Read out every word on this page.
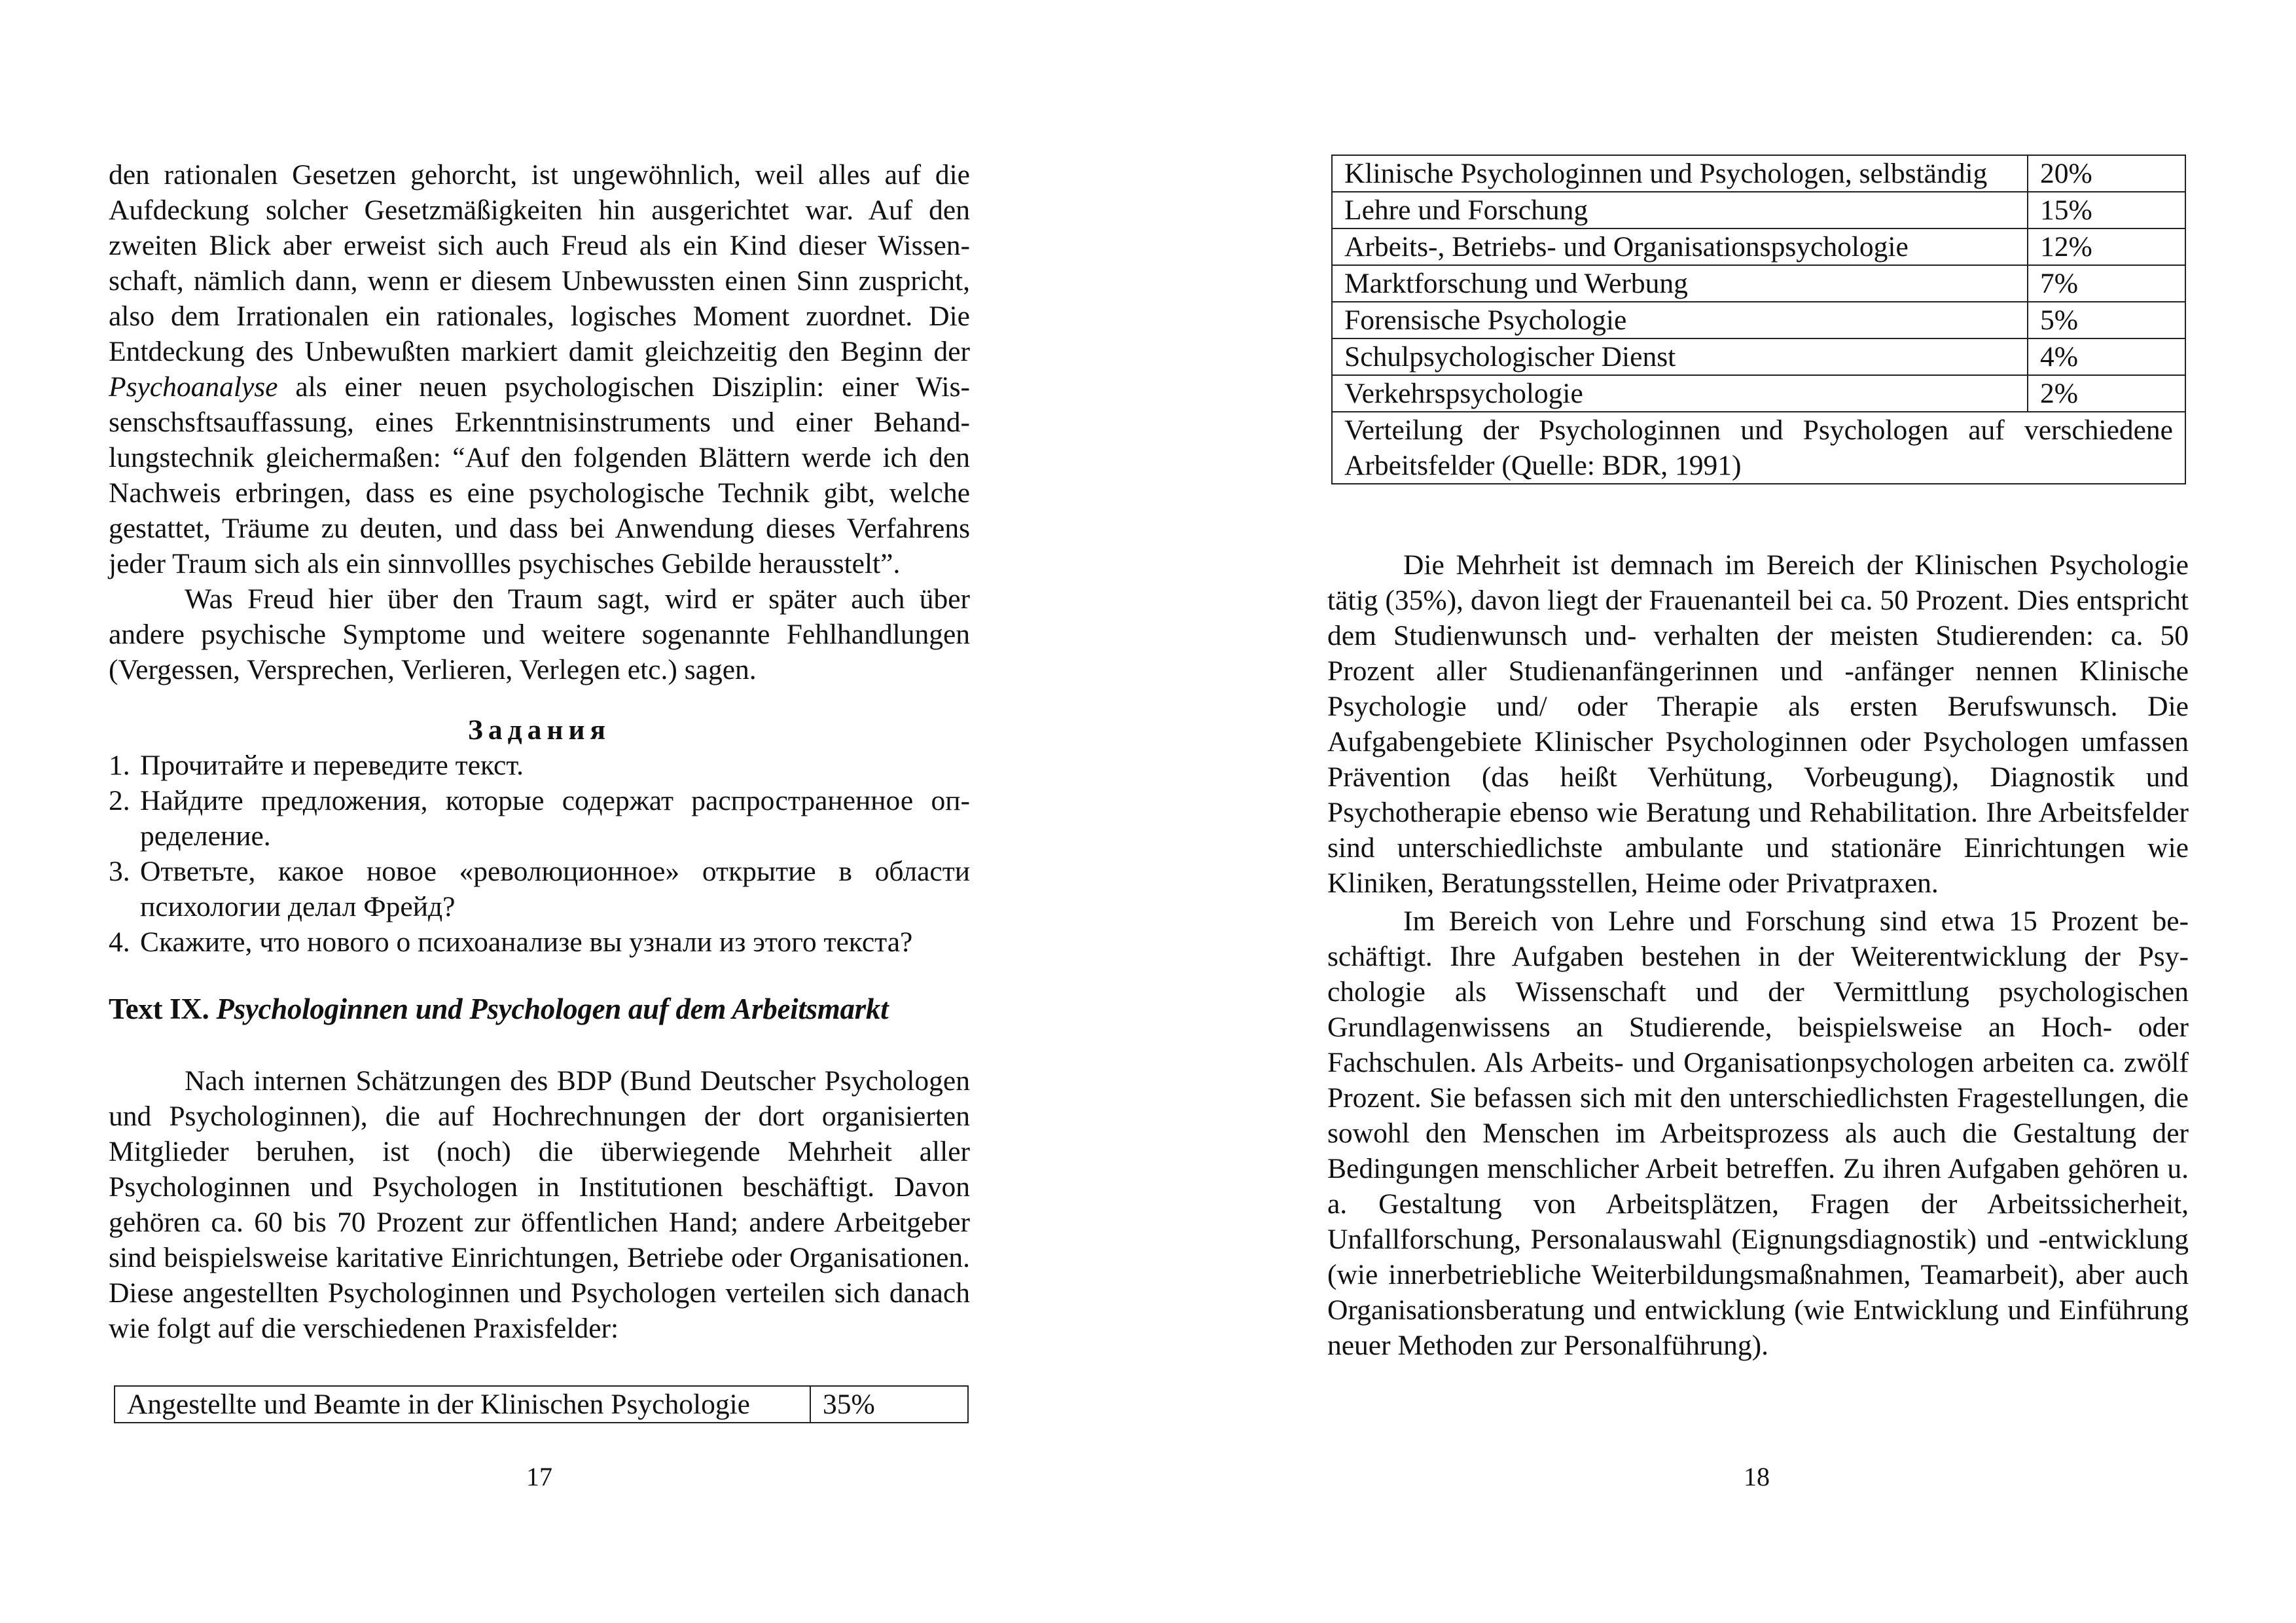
den rationalen Gesetzen gehorcht, ist ungewöhnlich, weil alles auf die Aufdeckung solcher Gesetzmäßigkeiten hin ausgerichtet war. Auf den zweiten Blick aber erweist sich auch Freud als ein Kind dieser Wissenschaft, nämlich dann, wenn er diesem Unbewussten einen Sinn zuspricht, also dem Irrationalen ein rationales, logisches Moment zuordnet. Die Entdeckung des Unbewußten markiert damit gleichzeitig den Beginn der Psychoanalyse als einer neuen psychologischen Disziplin: einer Wissenschsftsauffassung, eines Erkenntnisinstruments und einer Behandlungstechnik gleichermaßen: “Auf den folgenden Blättern werde ich den Nachweis erbringen, dass es eine psychologische Technik gibt, welche gestattet, Träume zu deuten, und dass bei Anwendung dieses Verfahrens jeder Traum sich als ein sinnvollles psychisches Gebilde herausstelt”.

Was Freud hier über den Traum sagt, wird er später auch über andere psychische Symptome und weitere sogenannte Fehlhandlungen (Vergessen, Versprechen, Verlieren, Verlegen etc.) sagen.

Задания
1. Прочитайте и переведите текст.
2. Найдите предложения, которые содержат распространенное определение.
3. Ответьте, какое новое «революционное» открытие в области психологии делал Фрейд?
4. Скажите, что нового о психоанализе вы узнали из этого текста?
Text IX. Psychologinnen und Psychologen auf dem Arbeitsmarkt

Nach internen Schätzungen des BDP (Bund Deutscher Psychologen und Psychologinnen), die auf Hochrechnungen der dort organisierten Mitglieder beruhen, ist (noch) die überwiegende Mehrheit aller Psychologinnen und Psychologen in Institutionen beschäftigt. Davon gehören ca. 60 bis 70 Prozent zur öffentlichen Hand; andere Arbeitgeber sind beispielsweise karitative Einrichtungen, Betriebe oder Organisationen. Diese angestellten Psychologinnen und Psychologen verteilen sich danach wie folgt auf die verschiedenen Praxisfelder:

Angestellte und Beamte in der Klinischen Psychologie	35%
17
Klinische Psychologinnen und Psychologen, selbständig	20%
Lehre und Forschung	15%
Arbeits-, Betriebs- und Organisationspsychologie	12%
Marktforschung und Werbung	7%
Forensische Psychologie	5%
Schulpsychologischer Dienst	4%
Verkehrspsychologie	2%
Verteilung der Psychologinnen und Psychologen auf verschiedene Arbeitsfelder (Quelle: BDR, 1991)	

Die Mehrheit ist demnach im Bereich der Klinischen Psychologie tätig (35%), davon liegt der Frauenanteil bei ca. 50 Prozent. Dies entspricht dem Studienwunsch und- verhalten der meisten Studierenden: ca. 50 Prozent aller Studienanfängerinnen und -anfänger nennen Klinische Psychologie und/ oder Therapie als ersten Berufswunsch. Die Aufgabengebiete Klinischer Psychologinnen oder Psychologen umfassen Prävention (das heißt Verhütung, Vorbeugung), Diagnostik und Psychotherapie ebenso wie Beratung und Rehabilitation. Ihre Arbeitsfelder sind unterschiedlichste ambulante und stationäre Einrichtungen wie Kliniken, Beratungsstellen, Heime oder Privatpraxen.

Im Bereich von Lehre und Forschung sind etwa 15 Prozent beschäftigt. Ihre Aufgaben bestehen in der Weiterentwicklung der Psychologie als Wissenschaft und der Vermittlung psychologischen Grundlagenwissens an Studierende, beispielsweise an Hoch- oder Fachschulen. Als Arbeits- und Organisationpsychologen arbeiten ca. zwölf Prozent. Sie befassen sich mit den unterschiedlichsten Fragestellungen, die sowohl den Menschen im Arbeitsprozess als auch die Gestaltung der Bedingungen menschlicher Arbeit betreffen. Zu ihren Aufgaben gehören u. a. Gestaltung von Arbeitsplätzen, Fragen der Arbeitssicherheit, Unfallforschung, Personalauswahl (Eignungsdiagnostik) und -entwicklung (wie innerbetriebliche Weiterbildungsmaßnahmen, Teamarbeit), aber auch Organisationsberatung und entwicklung (wie Entwicklung und Einführung neuer Methoden zur Personalführung).

18
